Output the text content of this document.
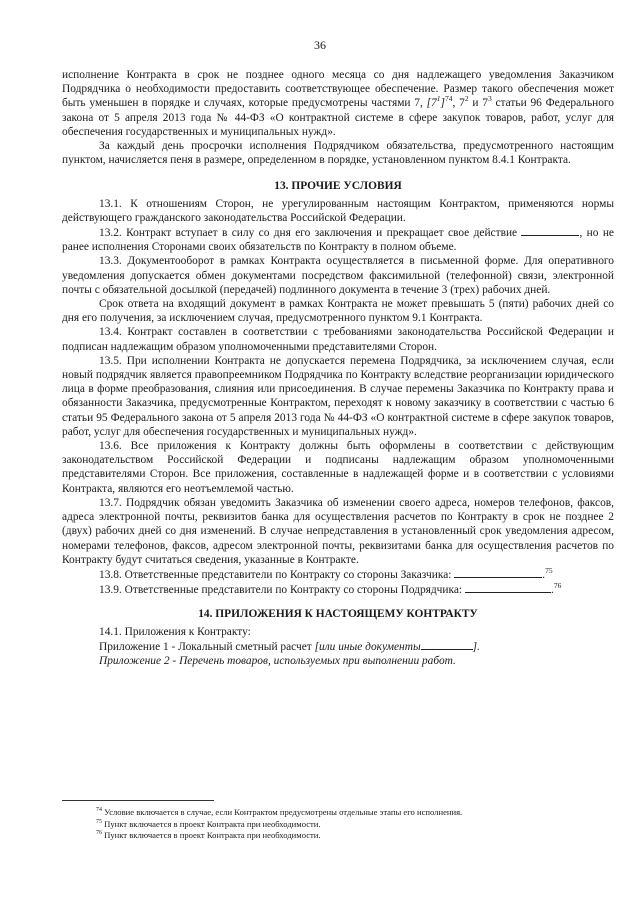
36

исполнение Контракта в срок не позднее одного месяца со дня надлежащего уведомления Заказчиком Подрядчика о необходимости предоставить соответствующее обеспечение. Размер такого обеспечения может быть уменьшен в порядке и случаях, которые предусмотрены частями 7, $[7^1]^{74}$, $7^2$ и $7^3$ статьи 96 Федерального закона от 5 апреля 2013 года № 44-ФЗ «О контрактной системе в сфере закупок товаров, работ, услуг для обеспечения государственных и муниципальных нужд».

За каждый день просрочки исполнения Подрядчиком обязательства, предусмотренного настоящим пунктом, начисляется пеня в размере, определенном в порядке, установленном пунктом 8.4.1 Контракта.

13. ПРОЧИЕ УСЛОВИЯ

13.1. К отношениям Сторон, не урегулированным настоящим Контрактом, применяются нормы действующего гражданского законодательства Российской Федерации.

13.2. Контракт вступает в силу со дня его заключения и прекращает свое действие	, но не ранее исполнения Сторонами своих обязательств по Контракту в полном объеме.

13.3. Документооборот в рамках Контракта осуществляется в письменной форме. Для оперативного уведомления допускается обмен документами посредством факсимильной (телефонной) связи, электронной почты с обязательной досылкой (передачей) подлинного документа в течение 3 (трех) рабочих дней.

Срок ответа на входящий документ в рамках Контракта не может превышать 5 (пяти) рабочих дней со дня его получения, за исключением случая, предусмотренного пунктом 9.1 Контракта.

13.4. Контракт составлен в соответствии с требованиями законодательства Российской Федерации и подписан надлежащим образом уполномоченными представителями Сторон.

13.5. При исполнении Контракта не допускается перемена Подрядчика, за исключением случая, если новый подрядчик является правопреемником Подрядчика по Контракту вследствие реорганизации юридического лица в форме преобразования, слияния или присоединения. В случае перемены Заказчика по Контракту права и обязанности Заказчика, предусмотренные Контрактом, переходят к новому заказчику в соответствии с частью 6 статьи 95 Федерального закона от 5 апреля 2013 года № 44-ФЗ «О контрактной системе в сфере закупок товаров, работ, услуг для обеспечения государственных и муниципальных нужд».

13.6. Все приложения к Контракту должны быть оформлены в соответствии с действующим законодательством Российской Федерации и подписаны надлежащим образом уполномоченными представителями Сторон. Все приложения, составленные в надлежащей форме и в соответствии с условиями Контракта, являются его неотъемлемой частью.

13.7. Подрядчик обязан уведомить Заказчика об изменении своего адреса, номеров телефонов, факсов, адреса электронной почты, реквизитов банка для осуществления расчетов по Контракту в срок не позднее 2 (двух) рабочих дней со дня изменений. В случае непредставления в установленный срок уведомления адресом, номерами телефонов, факсов, адресом электронной почты, реквизитами банка для осуществления расчетов по Контракту будут считаться сведения, указанные в Контракте.

13.8. Ответственные представители по Контракту со стороны Заказчика:	.$^{75}$

13.9. Ответственные представители по Контракту со стороны Подрядчика:	.$^{76}$

14. ПРИЛОЖЕНИЯ К НАСТОЯЩЕМУ КОНТРАКТУ

14.1. Приложения к Контракту:

Приложение 1 - Локальный сметный расчет [или иные документы	].

Приложение 2 - Перечень товаров, используемых при выполнении работ.

$^{74}$ Условие включается в случае, если Контрактом предусмотрены отдельные этапы его исполнения.
$^{75}$ Пункт включается в проект Контракта при необходимости.
$^{76}$ Пункт включается в проект Контракта при необходимости.
